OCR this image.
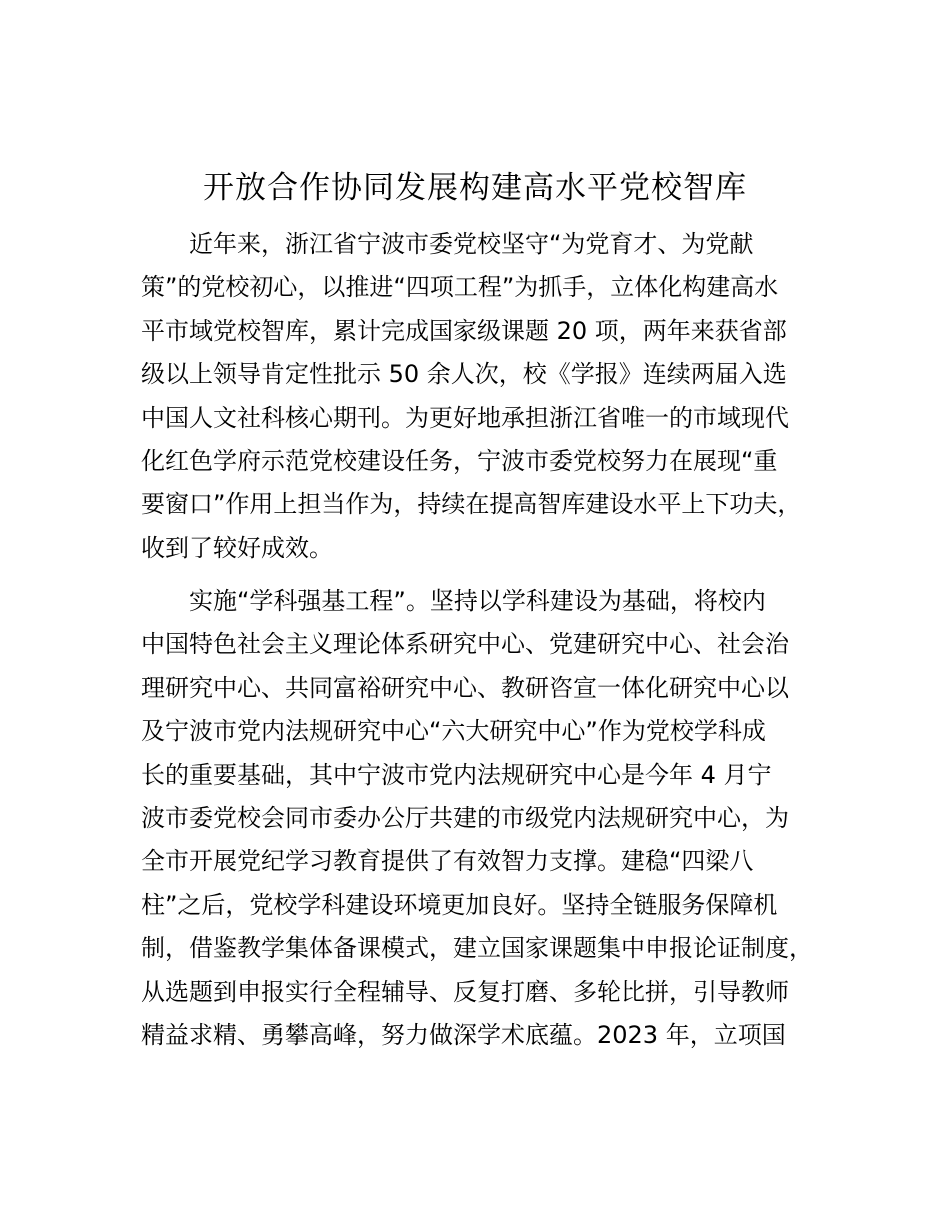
开放合作协同发展构建高水平党校智库
近年来，浙江省宁波市委党校坚守“为党育才、为党献
策”的党校初心，以推进“四项工程”为抓手，立体化构建高水
平市域党校智库，累计完成国家级课题 20 项，两年来获省部
级以上领导肯定性批示 50 余人次，校《学报》连续两届入选
中国人文社科核心期刊。为更好地承担浙江省唯一的市域现代
化红色学府示范党校建设任务，宁波市委党校努力在展现“重
要窗口”作用上担当作为，持续在提高智库建设水平上下功夫，
收到了较好成效。
实施“学科强基工程”。坚持以学科建设为基础，将校内
中国特色社会主义理论体系研究中心、党建研究中心、社会治
理研究中心、共同富裕研究中心、教研咨宣一体化研究中心以
及宁波市党内法规研究中心“六大研究中心”作为党校学科成
长的重要基础，其中宁波市党内法规研究中心是今年 4 月宁
波市委党校会同市委办公厅共建的市级党内法规研究中心，为
全市开展党纪学习教育提供了有效智力支撑。建稳“四梁八
柱”之后，党校学科建设环境更加良好。坚持全链服务保障机
制，借鉴教学集体备课模式，建立国家课题集中申报论证制度，
从选题到申报实行全程辅导、反复打磨、多轮比拼，引导教师
精益求精、勇攀高峰，努力做深学术底蕴。2023 年，立项国
